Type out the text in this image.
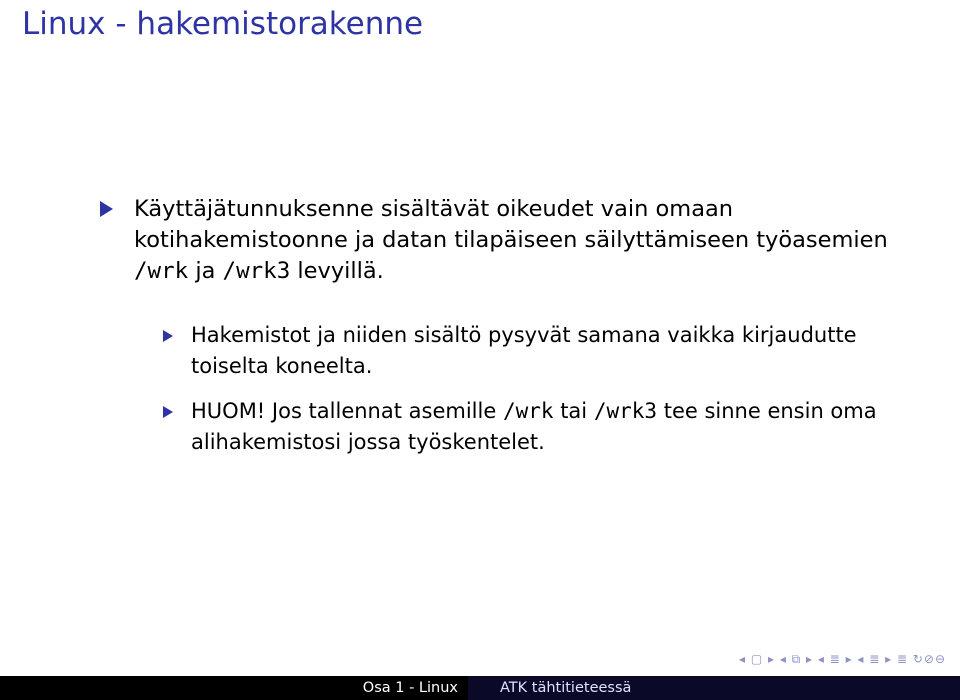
Linux - hakemistorakenne
Käyttäjätunnuksenne sisältävät oikeudet vain omaan kotihakemistoonne ja datan tilapäiseen säilyttämiseen työasemien /wrk ja /wrk3 levyillä.
Hakemistot ja niiden sisältö pysyvät samana vaikka kirjaudutte toiselta koneelta.
HUOM! Jos tallennat asemille /wrk tai /wrk3 tee sinne ensin oma alihakemistosi jossa työskentelet.
◂ ▢ ▸ ◂ ⧉ ▸ ◂ ≣ ▸ ◂ ≣ ▸ ≣ ↻⊘⊖
Osa 1 - Linux	ATK tähtitieteessä
